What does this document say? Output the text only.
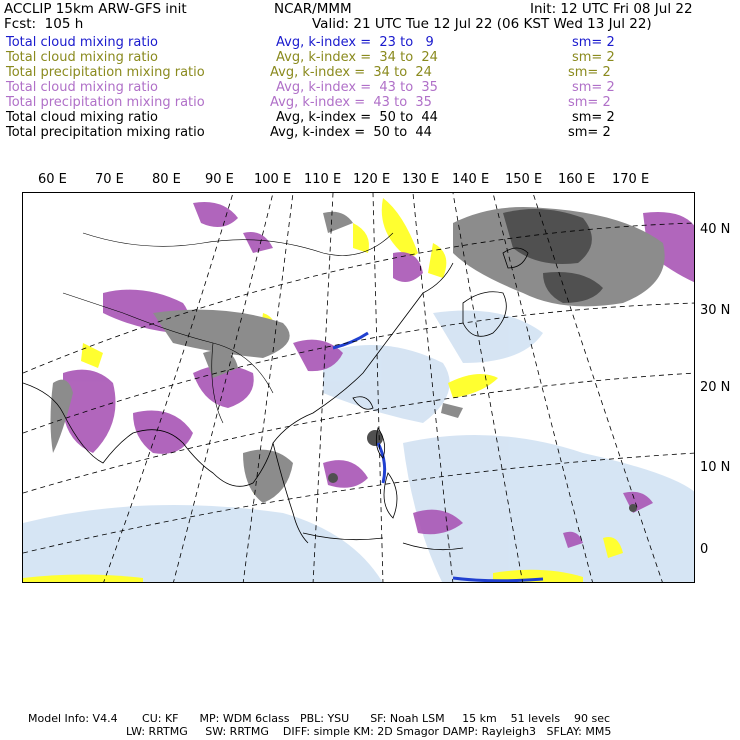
ACCLIP 15km ARW-GFS init	NCAR/MMM	Init: 12 UTC Fri 08 Jul 22
Fcst:  105 h	Valid: 21 UTC Tue 12 Jul 22 (06 KST Wed 13 Jul 22)
Total cloud mixing ratio	Avg, k-index =  23 to   9	sm= 2
Total cloud mixing ratio	Avg, k-index =  34 to  24	sm= 2
Total precipitation mixing ratio	Avg, k-index =  34 to  24	sm= 2
Total cloud mixing ratio	Avg, k-index =  43 to  35	sm= 2
Total precipitation mixing ratio	Avg, k-index =  43 to  35	sm= 2
Total cloud mixing ratio	Avg, k-index =  50 to  44	sm= 2
Total precipitation mixing ratio	Avg, k-index =  50 to  44	sm= 2
60 E 70 E 80 E 90 E 100 E 110 E 120 E 130 E 140 E 150 E 160 E 170 E
40 N
30 N
20 N
10 N
0
Model Info: V4.4       CU: KF      MP: WDM 6class   PBL: YSU      SF: Noah LSM     15 km    51 levels    90 sec
LW: RRTMG     SW: RRTMG    DIFF: simple KM: 2D Smagor DAMP: Rayleigh3   SFLAY: MM5
